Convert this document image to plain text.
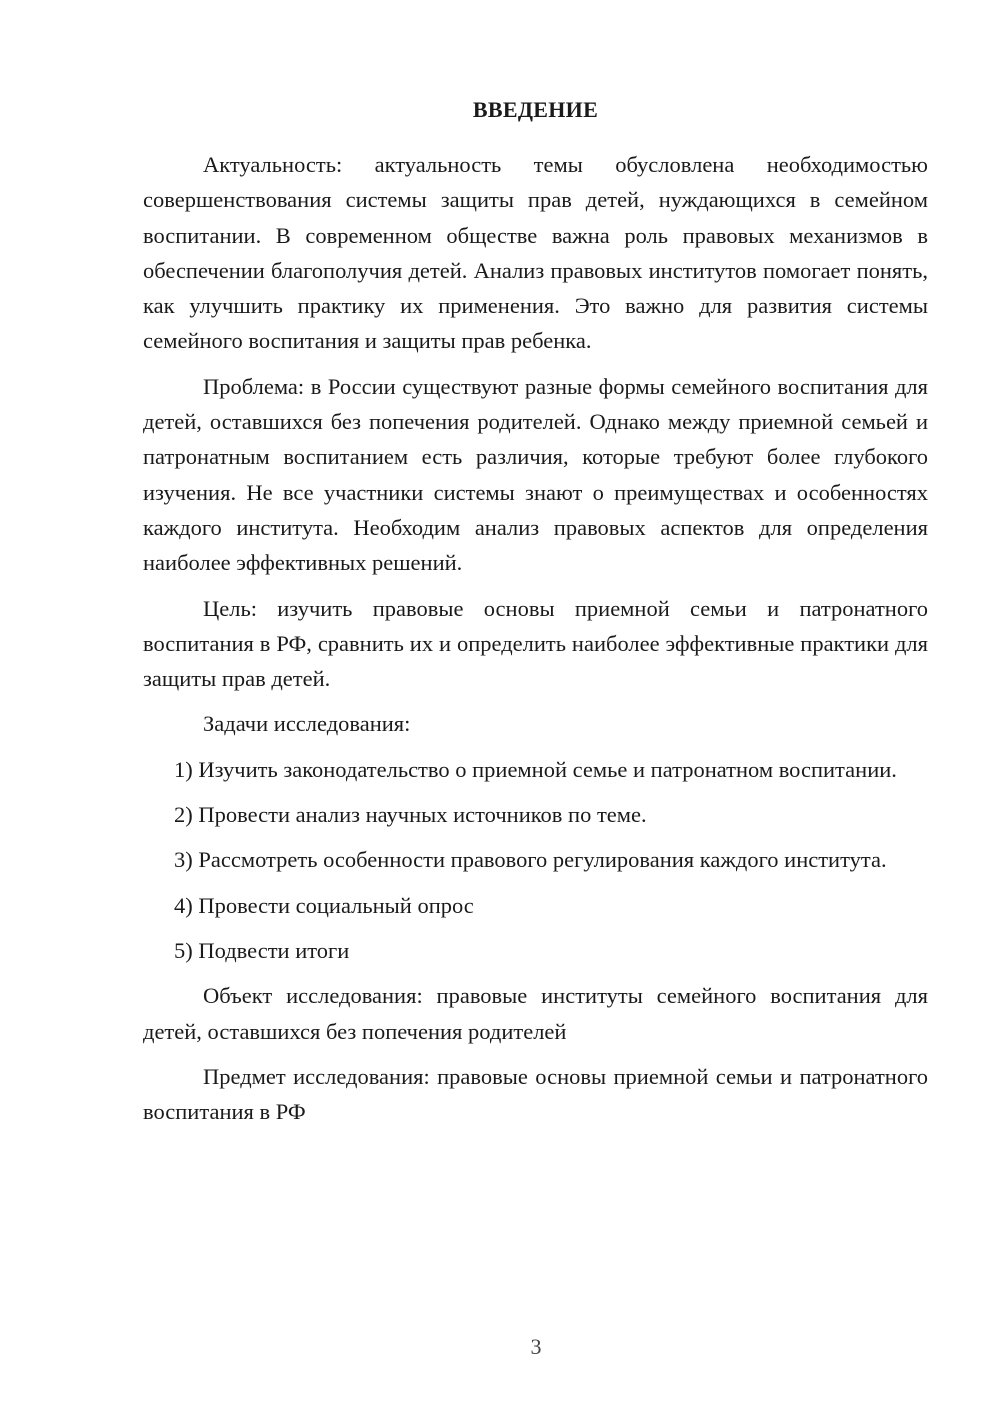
ВВЕДЕНИЕ

Актуальность: актуальность темы обусловлена необходимостью совершенствования системы защиты прав детей, нуждающихся в семейном воспитании. В современном обществе важна роль правовых механизмов в обеспечении благополучия детей. Анализ правовых институтов помогает понять, как улучшить практику их применения. Это важно для развития системы семейного воспитания и защиты прав ребенка.

Проблема: в России существуют разные формы семейного воспитания для детей, оставшихся без попечения родителей. Однако между приемной семьей и патронатным воспитанием есть различия, которые требуют более глубокого изучения. Не все участники системы знают о преимуществах и особенностях каждого института. Необходим анализ правовых аспектов для определения наиболее эффективных решений.

Цель: изучить правовые основы приемной семьи и патронатного воспитания в РФ, сравнить их и определить наиболее эффективные практики для защиты прав детей.

Задачи исследования:

1) Изучить законодательство о приемной семье и патронатном воспитании.

2) Провести анализ научных источников по теме.

3) Рассмотреть особенности правового регулирования каждого института.

4) Провести социальный опрос

5) Подвести итоги

Объект исследования: правовые институты семейного воспитания для детей, оставшихся без попечения родителей

Предмет исследования: правовые основы приемной семьи и патронатного воспитания в РФ

3
